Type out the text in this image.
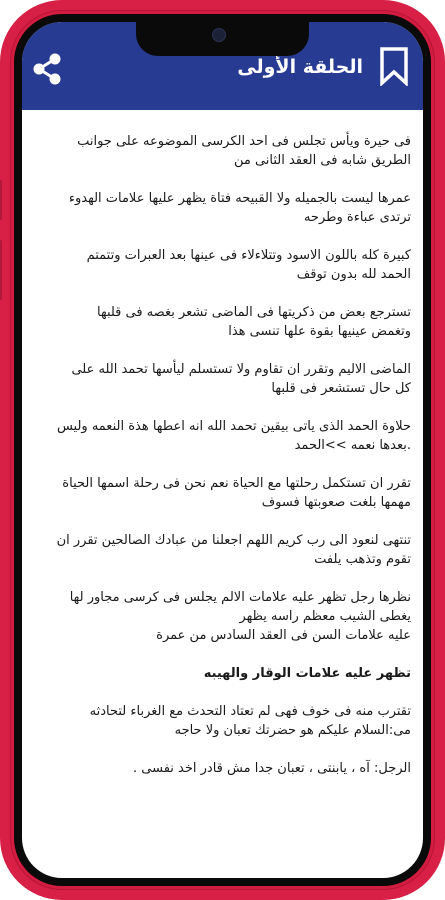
الحلقة الأولى

فى حيرة ويأس تجلس فى احد الكرسى الموضوعه على جوانب
الطريق شابه فى العقد الثانى من

عمرها ليست بالجميله ولا القبيحه فتاة يظهر عليها علامات الهدوء
ترتدى عباءة وطرحه

كبيرة كله باللون الاسود وتتلاءلاء فى عينها بعد العبرات وتتمتم
الحمد لله بدون توقف

تسترجع بعض من ذكريتها فى الماضى تشعر بغصه فى قلبها
وتغمض عينيها بقوة علها تنسى هذا

الماضى الاليم وتقرر ان تقاوم ولا تستسلم ليأسها تحمد الله على
كل حال تستشعر فى قلبها

حلاوة الحمد الذى ياتى بيقين تحمد الله انه اعطها هذة النعمه وليس
.بعدها نعمه >>الحمد

تقرر ان تستكمل رحلتها مع الحياة نعم نحن فى رحلة اسمها الحياة
مهمها بلغت صعوبتها فسوف

تنتهى لنعود الى رب كريم اللهم اجعلنا من عبادك الصالحين تقرر ان
تقوم وتذهب يلفت

نظرها رجل تظهر عليه علامات الالم يجلس فى كرسى مجاور لها
يغطى الشيب معظم راسه يظهر
عليه علامات السن فى العقد السادس من عمرة

تظهر عليه علامات الوقار والهيبه

تقترب منه فى خوف فهى لم تعتاد التحدث مع الغرباء لتحادثه
مى:السلام عليكم هو حضرتك تعبان ولا حاجه

الرجل: آه ، يابنتى ، تعبان جدا مش قادر اخد نفسى .
